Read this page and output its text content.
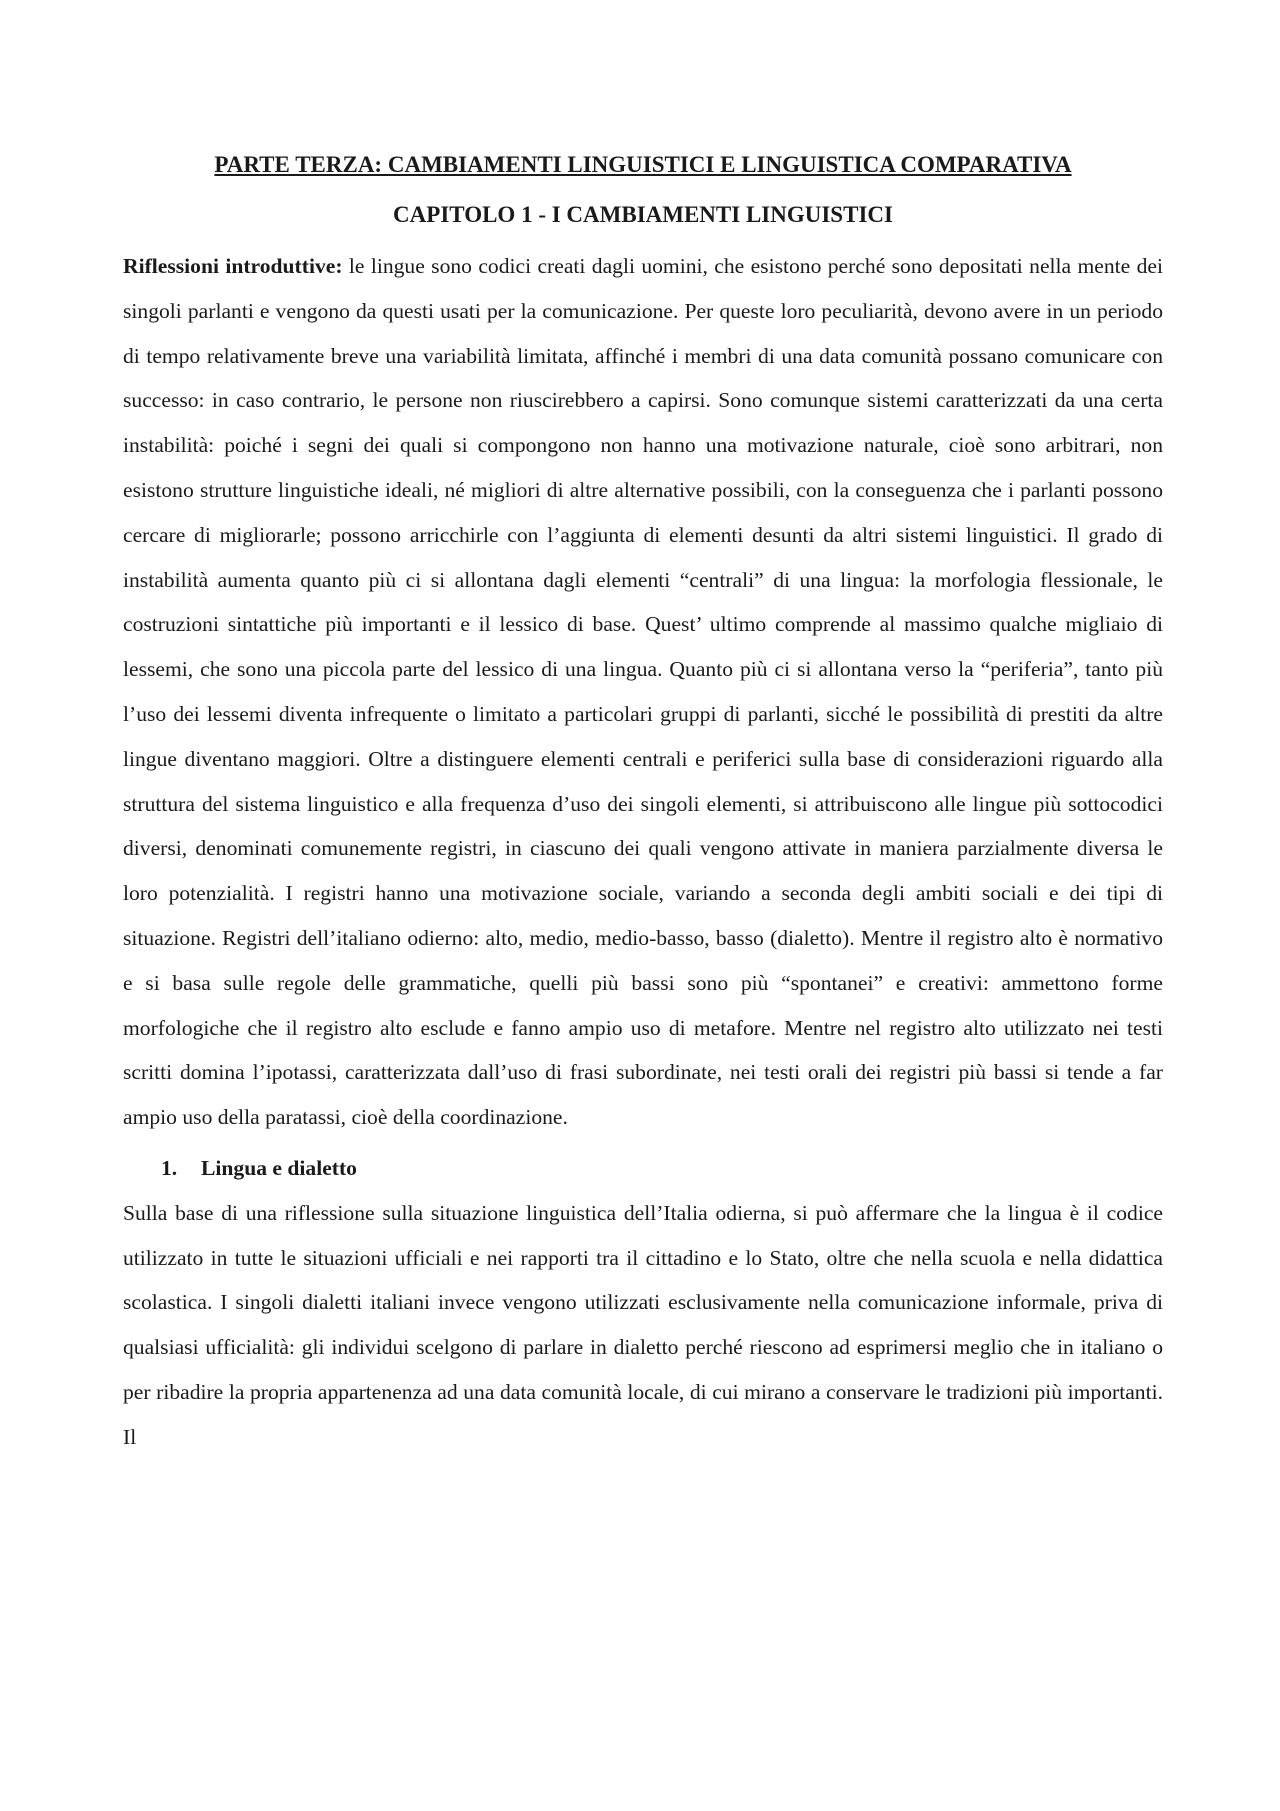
PARTE TERZA: CAMBIAMENTI LINGUISTICI E LINGUISTICA COMPARATIVA
CAPITOLO 1 - I CAMBIAMENTI LINGUISTICI

Riflessioni introduttive: le lingue sono codici creati dagli uomini, che esistono perché sono depositati nella mente dei singoli parlanti e vengono da questi usati per la comunicazione. Per queste loro peculiarità, devono avere in un periodo di tempo relativamente breve una variabilità limitata, affinché i membri di una data comunità possano comunicare con successo: in caso contrario, le persone non riuscirebbero a capirsi. Sono comunque sistemi caratterizzati da una certa instabilità: poiché i segni dei quali si compongono non hanno una motivazione naturale, cioè sono arbitrari, non esistono strutture linguistiche ideali, né migliori di altre alternative possibili, con la conseguenza che i parlanti possono cercare di migliorarle; possono arricchirle con l’aggiunta di elementi desunti da altri sistemi linguistici. Il grado di instabilità aumenta quanto più ci si allontana dagli elementi “centrali” di una lingua: la morfologia flessionale, le costruzioni sintattiche più importanti e il lessico di base. Quest’ ultimo comprende al massimo qualche migliaio di lessemi, che sono una piccola parte del lessico di una lingua. Quanto più ci si allontana verso la “periferia”, tanto più l’uso dei lessemi diventa infrequente o limitato a particolari gruppi di parlanti, sicché le possibilità di prestiti da altre lingue diventano maggiori. Oltre a distinguere elementi centrali e periferici sulla base di considerazioni riguardo alla struttura del sistema linguistico e alla frequenza d’uso dei singoli elementi, si attribuiscono alle lingue più sottocodici diversi, denominati comunemente registri, in ciascuno dei quali vengono attivate in maniera parzialmente diversa le loro potenzialità. I registri hanno una motivazione sociale, variando a seconda degli ambiti sociali e dei tipi di situazione. Registri dell’italiano odierno: alto, medio, medio-basso, basso (dialetto). Mentre il registro alto è normativo e si basa sulle regole delle grammatiche, quelli più bassi sono più “spontanei” e creativi: ammettono forme morfologiche che il registro alto esclude e fanno ampio uso di metafore. Mentre nel registro alto utilizzato nei testi scritti domina l’ipotassi, caratterizzata dall’uso di frasi subordinate, nei testi orali dei registri più bassi si tende a far ampio uso della paratassi, cioè della coordinazione.

1. Lingua e dialetto

Sulla base di una riflessione sulla situazione linguistica dell’Italia odierna, si può affermare che la lingua è il codice utilizzato in tutte le situazioni ufficiali e nei rapporti tra il cittadino e lo Stato, oltre che nella scuola e nella didattica scolastica. I singoli dialetti italiani invece vengono utilizzati esclusivamente nella comunicazione informale, priva di qualsiasi ufficialità: gli individui scelgono di parlare in dialetto perché riescono ad esprimersi meglio che in italiano o per ribadire la propria appartenenza ad una data comunità locale, di cui mirano a conservare le tradizioni più importanti. Il
